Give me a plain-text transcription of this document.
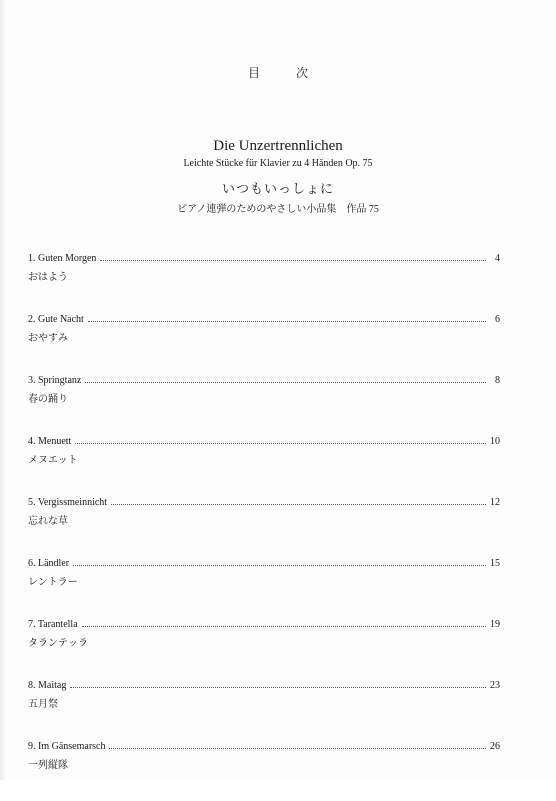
目　次
Die Unzertrennlichen
Leichte Stücke für Klavier zu 4 Händen Op. 75
いつもいっしょに
ピアノ連弾のためのやさしい小品集　作品 75
1. Guten Morgen	4
おはよう
2. Gute Nacht	6
おやすみ
3. Springtanz	8
春の踊り
4. Menuett	10
メヌエット
5. Vergissmeinnicht	12
忘れな草
6. Ländler	15
レントラー
7. Tarantella	19
タランテッラ
8. Maitag	23
五月祭
9. Im Gänsemarsch	26
一列縦隊
